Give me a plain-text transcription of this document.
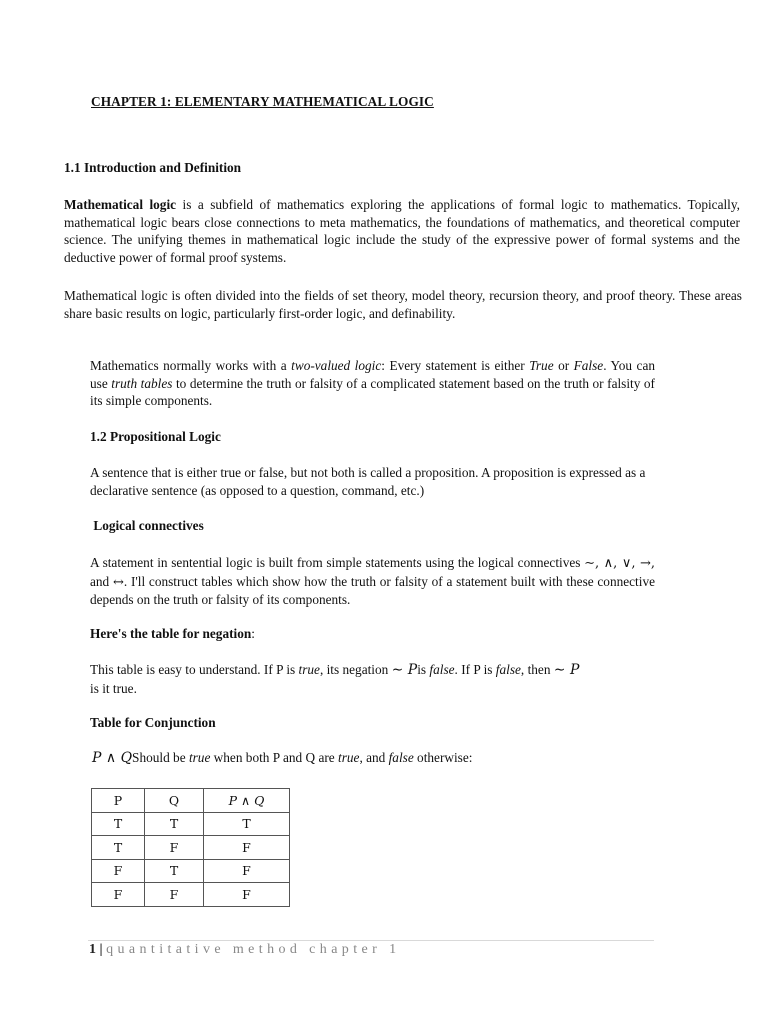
CHAPTER 1: ELEMENTARY MATHEMATICAL LOGIC

1.1 Introduction and Definition

Mathematical logic is a subfield of mathematics exploring the applications of formal logic to mathematics. Topically, mathematical logic bears close connections to meta mathematics, the foundations of mathematics, and theoretical computer science. The unifying themes in mathematical logic include the study of the expressive power of formal systems and the deductive power of formal proof systems.

Mathematical logic is often divided into the fields of set theory, model theory, recursion theory, and proof theory. These areas share basic results on logic, particularly first-order logic, and definability.

Mathematics normally works with a two-valued logic: Every statement is either True or False. You can use truth tables to determine the truth or falsity of a complicated statement based on the truth or falsity of its simple components.

1.2 Propositional Logic

A sentence that is either true or false, but not both is called a proposition. A proposition is expressed as a declarative sentence (as opposed to a question, command, etc.)

Logical connectives

A statement in sentential logic is built from simple statements using the logical connectives ∼, ∧, ∨, →, and ↔. I'll construct tables which show how the truth or falsity of a statement built with these connective depends on the truth or falsity of its components.

Here's the table for negation:

This table is easy to understand. If P is true, its negation ∼ Pis false. If P is false, then ∼ P
is it true.

Table for Conjunction

P ∧ QShould be true when both P and Q are true, and false otherwise:

P	Q	P ∧ Q
T	T	T
T	F	F
F	T	F
F	F	F
1 | quantitative method chapter 1
